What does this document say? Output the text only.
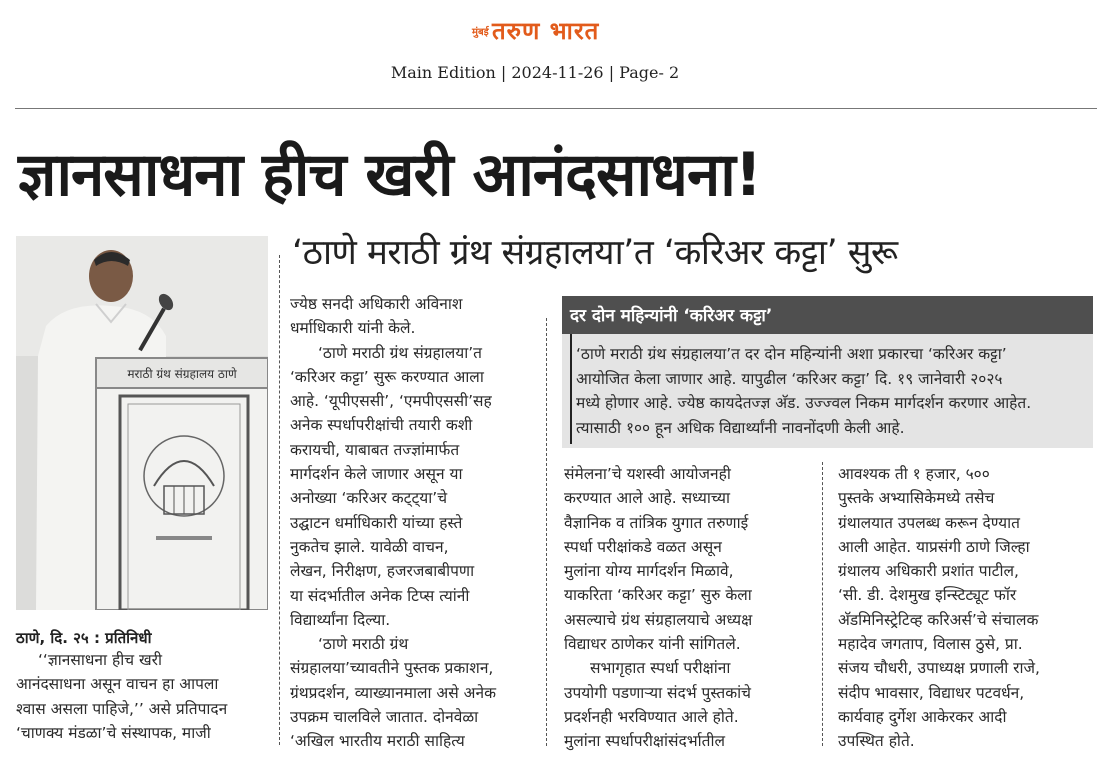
मुंबई तरुण भारत
Main Edition | 2024-11-26 | Page- 2
ज्ञानसाधना हीच खरी आनंदसाधना!
‘ठाणे मराठी ग्रंथ संग्रहालया’त ‘करिअर कट्टा’ सुरू
मराठी ग्रंथ संग्रहालय ठाणे
ठाणे, दि. २५ : प्रतिनिधी

‘‘ज्ञानसाधना हीच खरी

आनंदसाधना असून वाचन हा आपला

श्वास असला पाहिजे,’’ असे प्रतिपादन

‘चाणक्य मंडळा’चे संस्थापक, माजी

ज्येष्ठ सनदी अधिकारी अविनाश

धर्माधिकारी यांनी केले.

‘ठाणे मराठी ग्रंथ संग्रहालया’त

‘करिअर कट्टा’ सुरू करण्यात आला

आहे. ‘यूपीएससी’, ‘एमपीएससी’सह

अनेक स्पर्धापरीक्षांची तयारी कशी

करायची, याबाबत तज्ज्ञांमार्फत

मार्गदर्शन केले जाणार असून या

अनोख्या ‘करिअर कट्ट्या’चे

उद्घाटन धर्माधिकारी यांच्या हस्ते

नुकतेच झाले. यावेळी वाचन,

लेखन, निरीक्षण, हजरजबाबीपणा

या संदर्भातील अनेक टिप्स त्यांनी

विद्यार्थ्यांना दिल्या.

‘ठाणे मराठी ग्रंथ

संग्रहालया’च्यावतीने पुस्तक प्रकाशन,

ग्रंथप्रदर्शन, व्याख्यानमाला असे अनेक

उपक्रम चालविले जातात. दोनवेळा

‘अखिल भारतीय मराठी साहित्य

दर दोन महिन्यांनी ‘करिअर कट्टा’
‘ठाणे मराठी ग्रंथ संग्रहालया’त दर दोन महिन्यांनी अशा प्रकारचा ‘करिअर कट्टा’
आयोजित केला जाणार आहे. यापुढील ‘करिअर कट्टा’ दि. १९ जानेवारी २०२५
मध्ये होणार आहे. ज्येष्ठ कायदेतज्ज्ञ अ‍ॅड. उज्ज्वल निकम मार्गदर्शन करणार आहेत.
त्यासाठी १०० हून अधिक विद्यार्थ्यांनी नावनोंदणी केली आहे.

संमेलना’चे यशस्वी आयोजनही

करण्यात आले आहे. सध्याच्या

वैज्ञानिक व तांत्रिक युगात तरुणाई

स्पर्धा परीक्षांकडे वळत असून

मुलांना योग्य मार्गदर्शन मिळावे,

याकरिता ‘करिअर कट्टा’ सुरु केला

असल्याचे ग्रंथ संग्रहालयाचे अध्यक्ष

विद्याधर ठाणेकर यांनी सांगितले.

सभागृहात स्पर्धा परीक्षांना

उपयोगी पडणाऱ्या संदर्भ पुस्तकांचे

प्रदर्शनही भरविण्यात आले होते.

मुलांना स्पर्धापरीक्षांसंदर्भातील

आवश्यक ती १ हजार, ५००

पुस्तके अभ्यासिकेमध्ये तसेच

ग्रंथालयात उपलब्ध करून देण्यात

आली आहेत. याप्रसंगी ठाणे जिल्हा

ग्रंथालय अधिकारी प्रशांत पाटील,

‘सी. डी. देशमुख इन्स्टिट्यूट फॉर

अ‍ॅडमिनिस्ट्रेटिव्ह करिअर्स’चे संचालक

महादेव जगताप, विलास ठुसे, प्रा.

संजय चौधरी, उपाध्यक्ष प्रणाली राजे,

संदीप भावसार, विद्याधर पटवर्धन,

कार्यवाह दुर्गेश आकेरकर आदी

उपस्थित होते.
